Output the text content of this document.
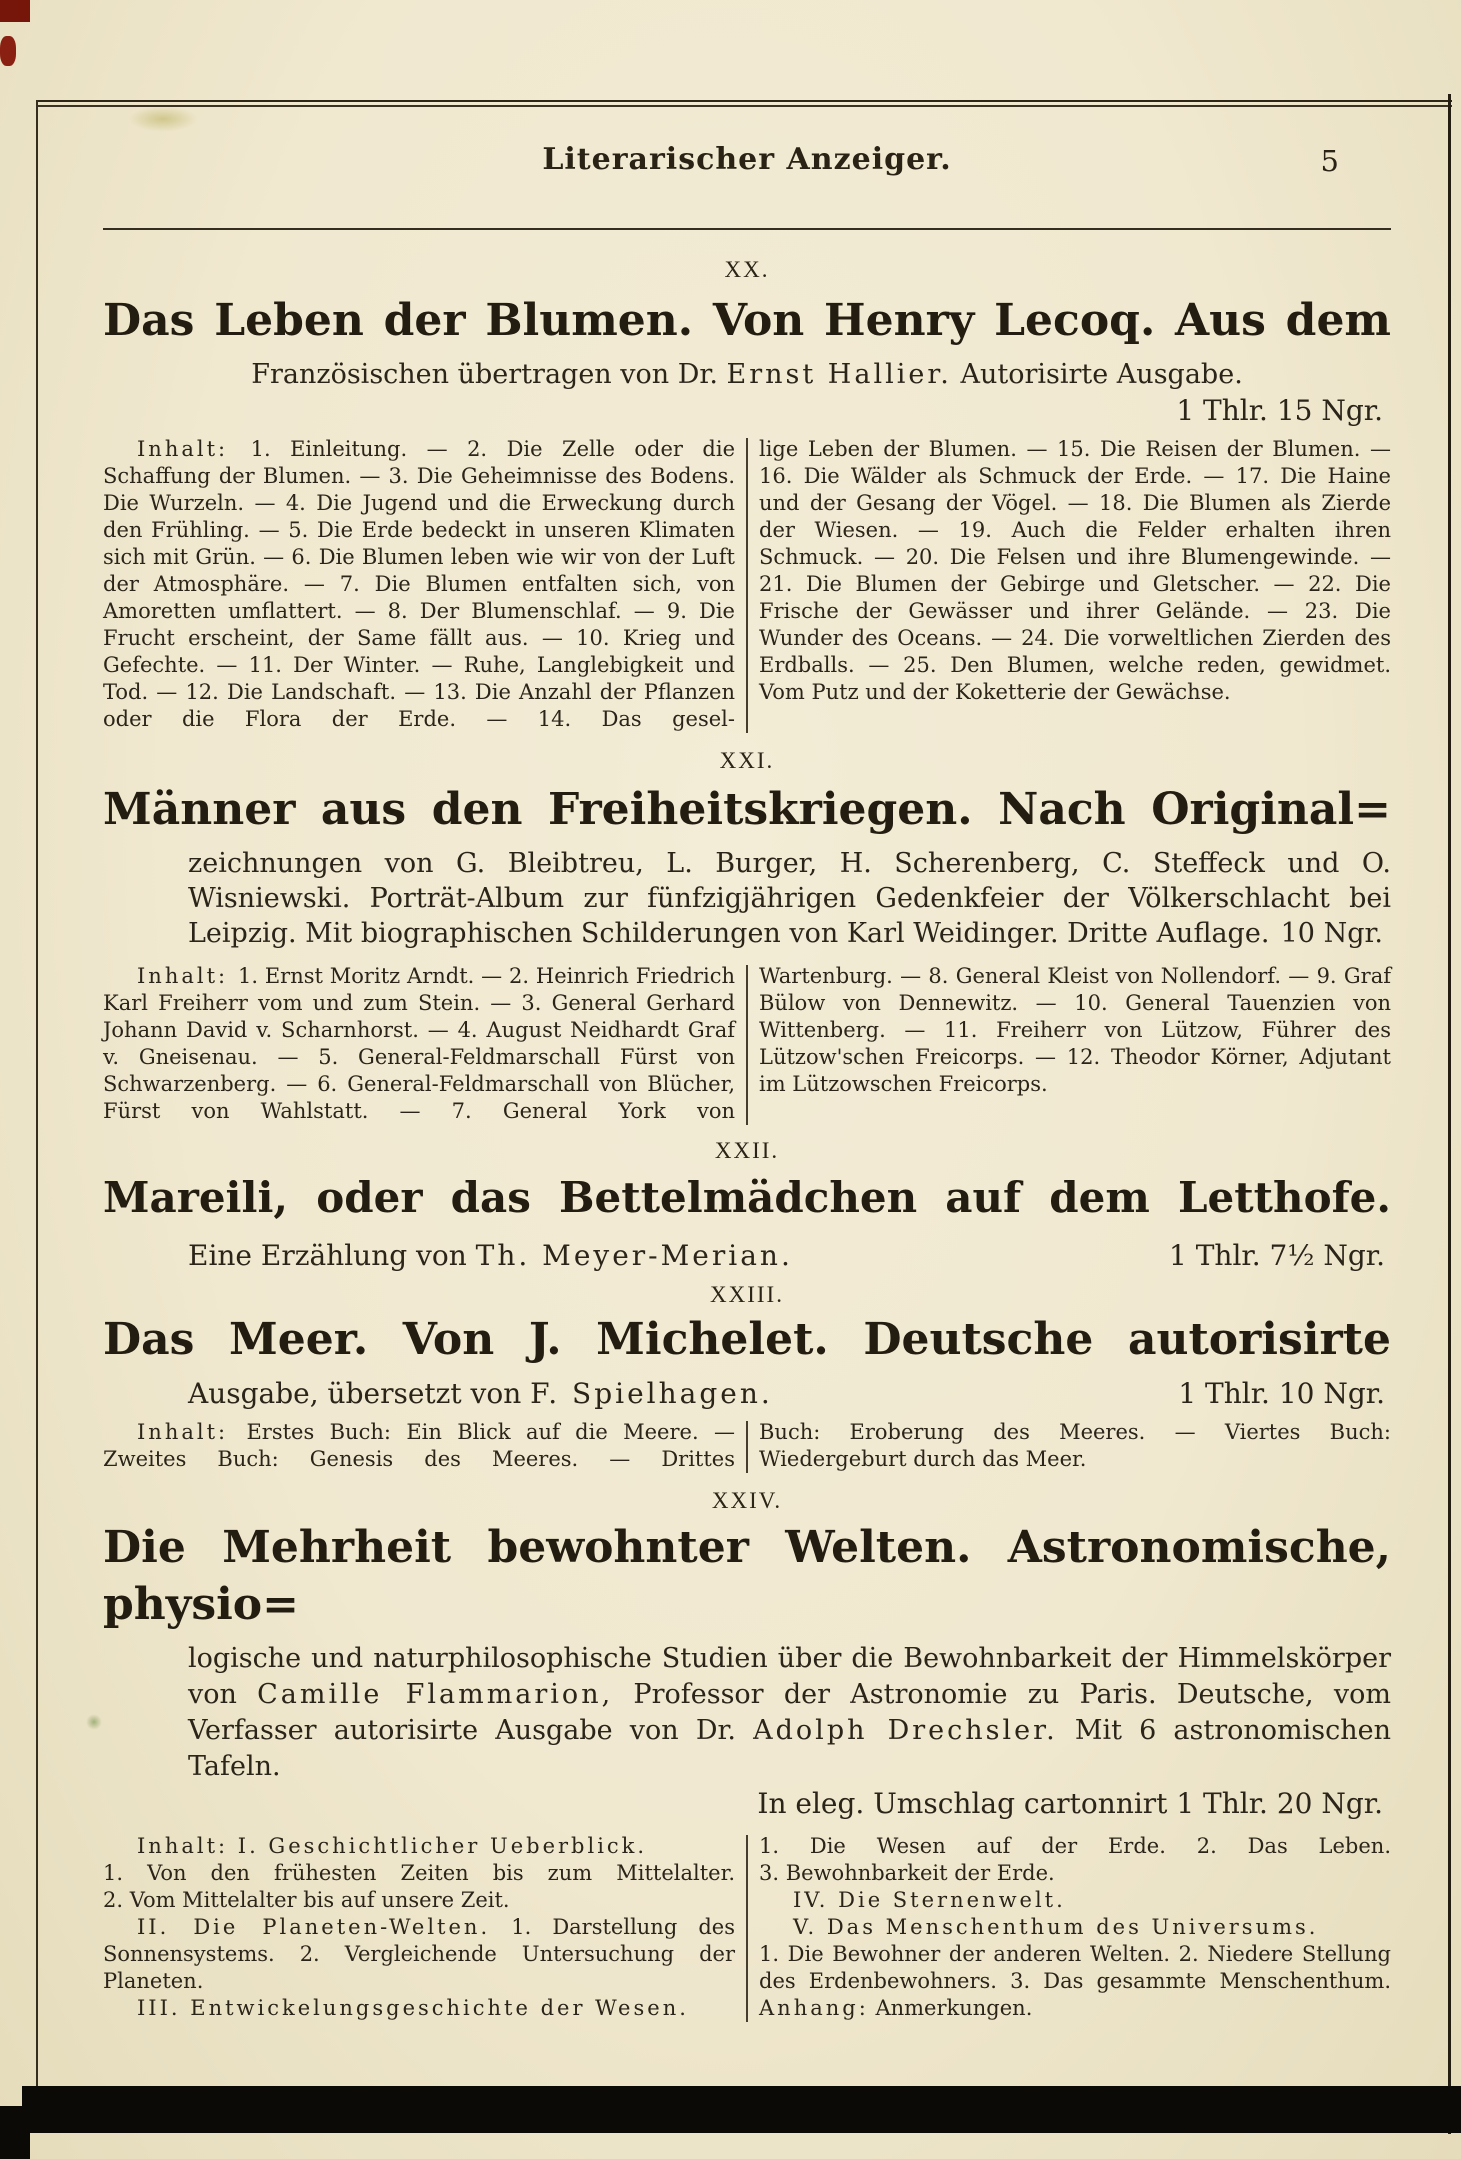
Literarischer Anzeiger.	5
XX.
Das Leben der Blumen. Von Henry Lecoq. Aus dem
Französischen übertragen von Dr. Ernst Hallier. Autorisirte Ausgabe.
1 Thlr. 15 Ngr.
Inhalt: 1. Einleitung. — 2. Die Zelle oder die Schaffung der Blumen. — 3. Die Geheimnisse des Bodens. Die Wurzeln. — 4. Die Jugend und die Erweckung durch den Frühling. — 5. Die Erde bedeckt in unseren Klimaten sich mit Grün. — 6. Die Blumen leben wie wir von der Luft der Atmosphäre. — 7. Die Blumen entfalten sich, von Amoretten umflattert. — 8. Der Blumenschlaf. — 9. Die Frucht erscheint, der Same fällt aus. — 10. Krieg und Gefechte. — 11. Der Winter. — Ruhe, Langlebigkeit und Tod. — 12. Die Landschaft. — 13. Die Anzahl der Pflanzen oder die Flora der Erde. — 14. Das gesel-
lige Leben der Blumen. — 15. Die Reisen der Blumen. — 16. Die Wälder als Schmuck der Erde. — 17. Die Haine und der Gesang der Vögel. — 18. Die Blumen als Zierde der Wiesen. — 19. Auch die Felder erhalten ihren Schmuck. — 20. Die Felsen und ihre Blumengewinde. — 21. Die Blumen der Gebirge und Gletscher. — 22. Die Frische der Gewässer und ihrer Gelände. — 23. Die Wunder des Oceans. — 24. Die vorweltlichen Zierden des Erdballs. — 25. Den Blumen, welche reden, gewidmet. Vom Putz und der Koketterie der Gewächse.
XXI.
Männer aus den Freiheitskriegen. Nach Original=
zeichnungen von G. Bleibtreu, L. Burger, H. Scherenberg, C. Steffeck und O. Wisniewski. Porträt-Album zur fünfzigjährigen Gedenkfeier der Völkerschlacht bei Leipzig. Mit biographischen Schilderungen von Karl Weidinger. Dritte Auflage. 10 Ngr.
Inhalt: 1. Ernst Moritz Arndt. — 2. Heinrich Friedrich Karl Freiherr vom und zum Stein. — 3. General Gerhard Johann David v. Scharnhorst. — 4. August Neidhardt Graf v. Gneisenau. — 5. General-Feldmarschall Fürst von Schwarzenberg. — 6. General-Feldmarschall von Blücher, Fürst von Wahlstatt. — 7. General York von
Wartenburg. — 8. General Kleist von Nollendorf. — 9. Graf Bülow von Dennewitz. — 10. General Tauenzien von Wittenberg. — 11. Freiherr von Lützow, Führer des Lützow'schen Freicorps. — 12. Theodor Körner, Adjutant im Lützowschen Freicorps.
XXII.
Mareili, oder das Bettelmädchen auf dem Letthofe.
Eine Erzählung von Th. Meyer-Merian.	1 Thlr. 7½ Ngr.
XXIII.
Das Meer. Von J. Michelet. Deutsche autorisirte
Ausgabe, übersetzt von F. Spielhagen.	1 Thlr. 10 Ngr.
Inhalt: Erstes Buch: Ein Blick auf die Meere. — Zweites Buch: Genesis des Meeres. — Drittes
Buch: Eroberung des Meeres. — Viertes Buch: Wiedergeburt durch das Meer.
XXIV.
Die Mehrheit bewohnter Welten. Astronomische, physio=
logische und naturphilosophische Studien über die Bewohnbarkeit der Himmelskörper von Camille Flammarion, Professor der Astronomie zu Paris. Deutsche, vom Verfasser autorisirte Ausgabe von Dr. Adolph Drechsler. Mit 6 astronomischen Tafeln.
In eleg. Umschlag cartonnirt 1 Thlr. 20 Ngr.
Inhalt: I. Geschichtlicher Ueberblick.
1. Von den frühesten Zeiten bis zum Mittelalter.
2. Vom Mittelalter bis auf unsere Zeit.
II. Die Planeten-Welten. 1. Darstellung des Sonnensystems. 2. Vergleichende Untersuchung der Planeten.
III. Entwickelungsgeschichte der Wesen.
1. Die Wesen auf der Erde. 2. Das Leben.
3. Bewohnbarkeit der Erde.
IV. Die Sternenwelt.
V. Das Menschenthum des Universums.
1. Die Bewohner der anderen Welten. 2. Niedere Stellung des Erdenbewohners. 3. Das gesammte Menschenthum. Anhang: Anmerkungen.
